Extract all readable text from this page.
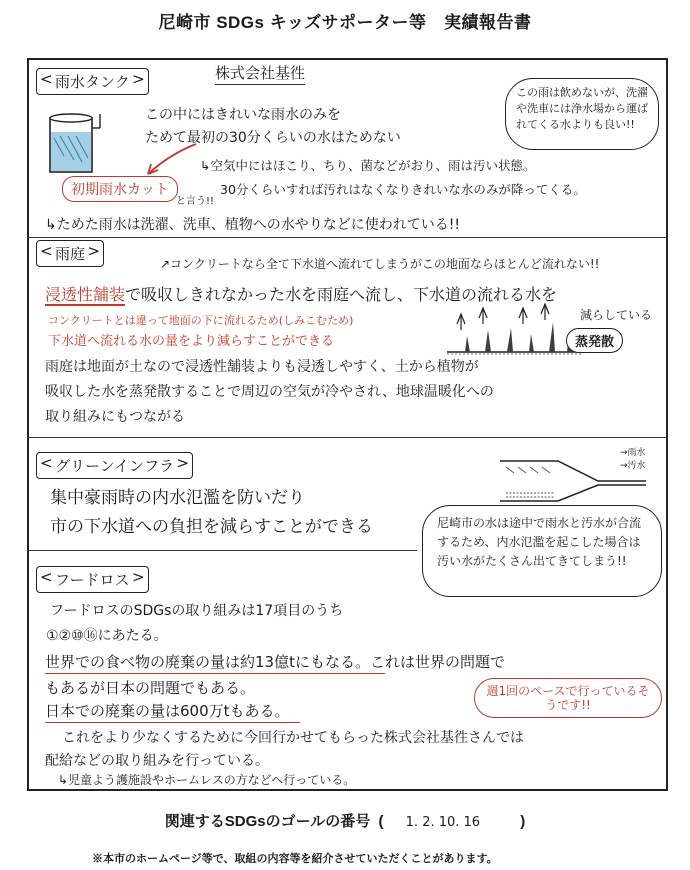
尼崎市 SDGs キッズサポーター等　実績報告書
< 雨水タンク >	株式会社基徃
この中にはきれいな雨水のみを
ためて最初の30分くらいの水はためない
↳空気中にはほこり、ちり、菌などがおり、雨は汚い状態。
30分くらいすれば汚れはなくなりきれいな水のみが降ってくる。
この雨は飲めないが、洗濯や洗車には浄水場から運ばれてくる水よりも良い!!
初期雨水カット
と言う!!
↳ためた雨水は洗濯、洗車、植物への水やりなどに使われている!!
< 雨庭 >
↗コンクリートなら全て下水道へ流れてしまうがこの地面ならほとんど流れない!!
浸透性舗装で吸収しきれなかった水を雨庭へ流し、下水道の流れる水を
減らしている
コンクリートとは違って地面の下に流れるため(しみこむため)
下水道へ流れる水の量をより減らすことができる	蒸発散
雨庭は地面が土なので浸透性舗装よりも浸透しやすく、土から植物が
吸収した水を蒸発散することで周辺の空気が冷やされ、地球温暖化への
取り組みにもつながる
< グリーンインフラ >
集中豪雨時の内水氾濫を防いだり
市の下水道への負担を減らすことができる
→雨水
→汚水
尼崎市の水は途中で雨水と汚水が合流するため、内水氾濫を起こした場合は汚い水がたくさん出てきてしまう!!
< フードロス >
フードロスのSDGsの取り組みは17項目のうち
①②⑩⑯にあたる。
世界での食べ物の廃棄の量は約13億tにもなる。これは世界の問題で
もあるが日本の問題でもある。
日本での廃棄の量は600万tもある。
週1回のペースで行っているそうです!!
これをより少なくするために今回行かせてもらった株式会社基徃さんでは
配給などの取り組みを行っている。
↳児童よう護施設やホームレスの方などへ行っている。
関連するSDGsのゴールの番号 ( 1. 2. 10. 16	)
※本市のホームページ等で、取組の内容等を紹介させていただくことがあります。
